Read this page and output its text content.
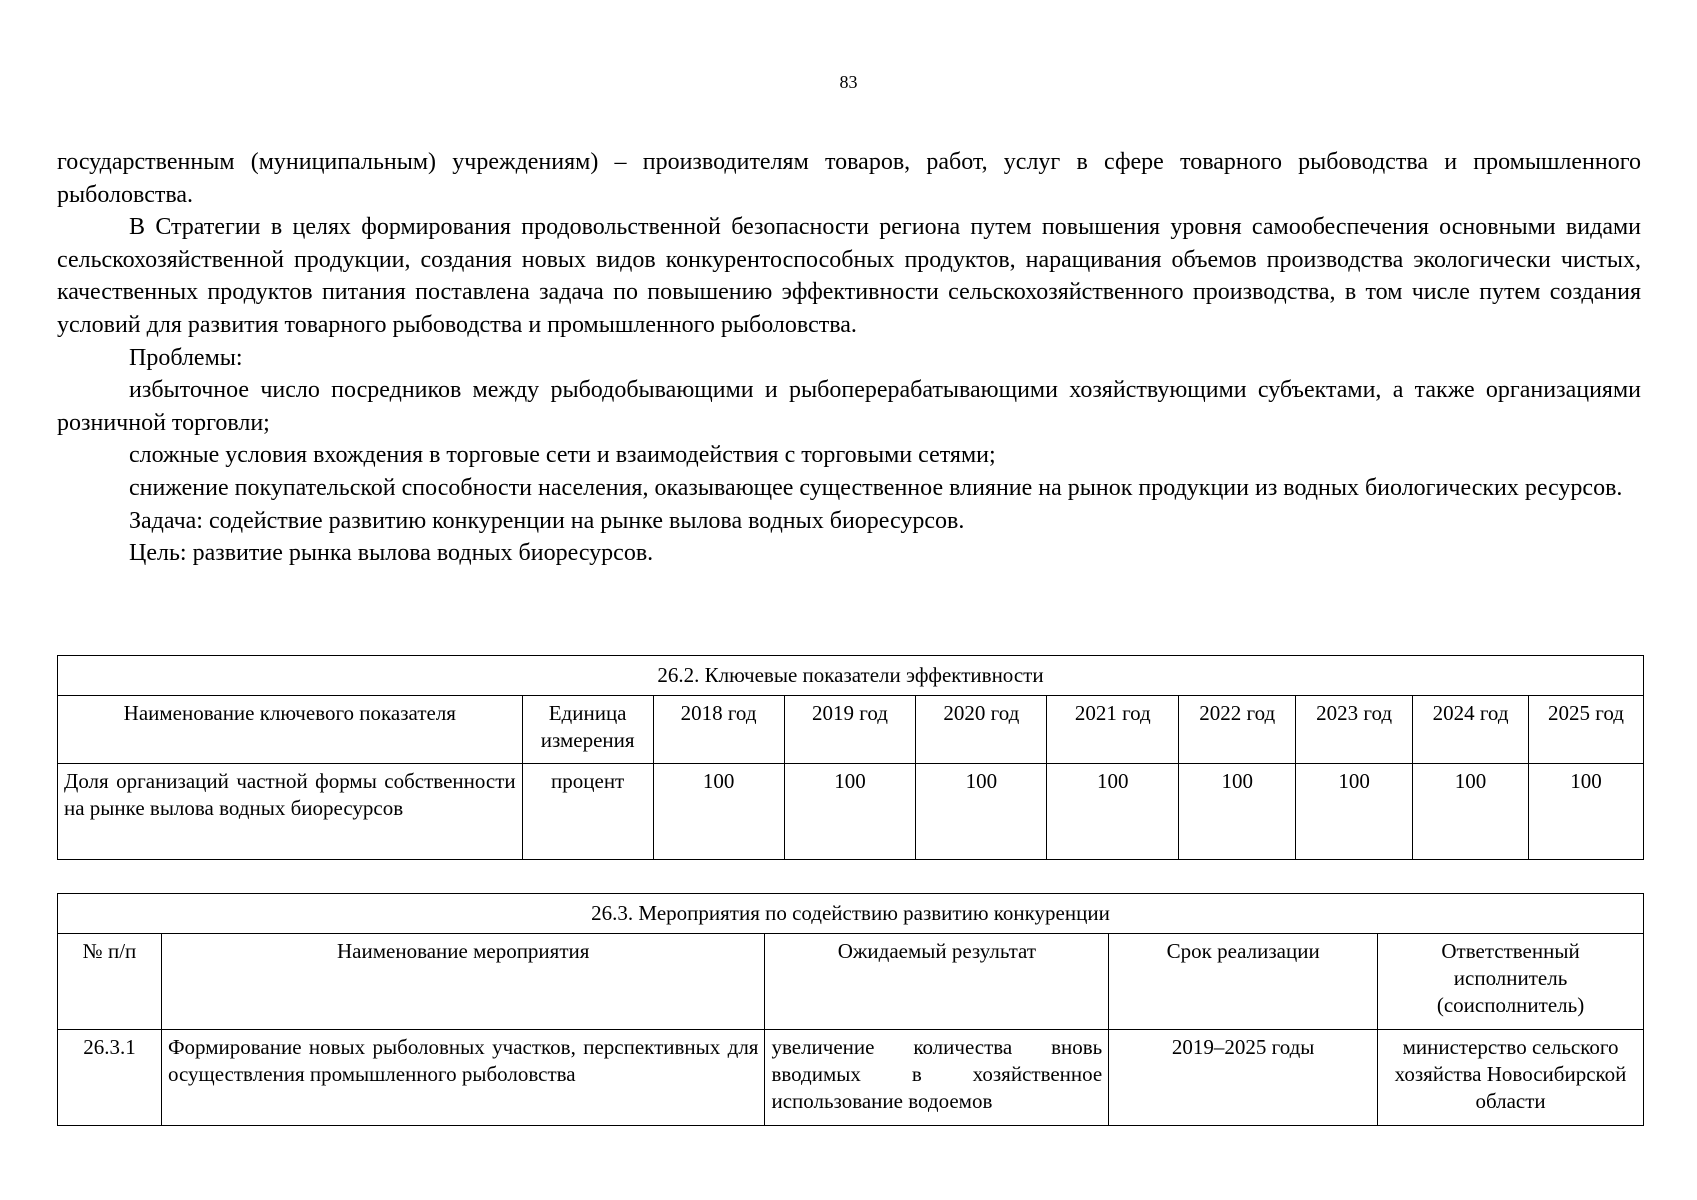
83

государственным (муниципальным) учреждениям) – производителям товаров, работ, услуг в сфере товарного рыбоводства и промышленного рыболовства.

В Стратегии в целях формирования продовольственной безопасности региона путем повышения уровня самообеспечения основными видами сельскохозяйственной продукции, создания новых видов конкурентоспособных продуктов, наращивания объемов производства экологически чистых, качественных продуктов питания поставлена задача по повышению эффективности сельскохозяйственного производства, в том числе путем создания условий для развития товарного рыбоводства и промышленного рыболовства.

Проблемы:

избыточное число посредников между рыбодобывающими и рыбоперерабатывающими хозяйствующими субъектами, а также организациями розничной торговли;

сложные условия вхождения в торговые сети и взаимодействия с торговыми сетями;

снижение покупательской способности населения, оказывающее существенное влияние на рынок продукции из водных биологических ресурсов.

Задача: содействие развитию конкуренции на рынке вылова водных биоресурсов.

Цель: развитие рынка вылова водных биоресурсов.

26.2. Ключевые показатели эффективности									
Наименование ключевого показателя	Единица измерения	2018 год	2019 год	2020 год	2021 год	2022 год	2023 год	2024 год	2025 год
Доля организаций частной формы собственности на рынке вылова водных биоресурсов	процент	100	100	100	100	100	100	100	100
26.3. Мероприятия по содействию развитию конкуренции				
№ п/п	Наименование мероприятия	Ожидаемый результат	Срок реализации	Ответственный исполнитель (соисполнитель)
26.3.1	Формирование новых рыболовных участков, перспективных для осуществления промышленного рыболовства	увеличение количества вновь вводимых в хозяйственное использование водоемов	2019–2025 годы	министерство сельского хозяйства Новосибирской области
